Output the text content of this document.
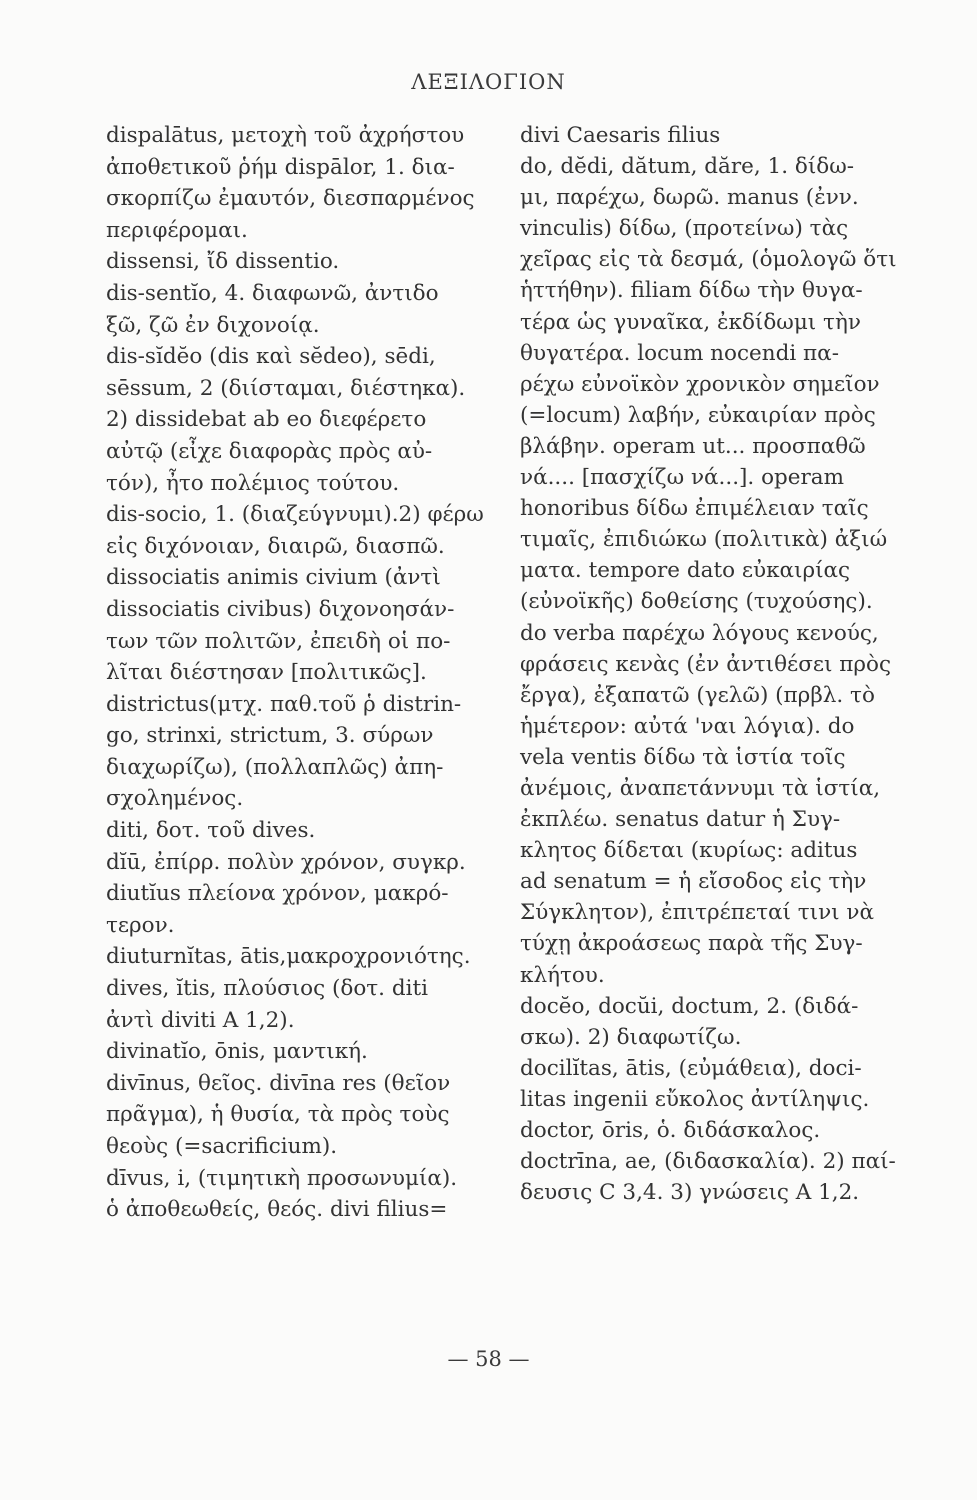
ΛΕΞΙΛΟΓΙΟΝ
dispalātus, μετοχὴ τοῦ ἀχρήστου
ἀποθετικοῦ ῥήμ dispālor, 1. δια-
σκορπίζω ἐμαυτόν, διεσπαρμένος
περιφέρομαι.
dissensi, ἴδ dissentio.
dis-sentĭo, 4. διαφωνῶ, ἀντιδο
ξῶ, ζῶ ἐν διχονοίᾳ.
dis-sĭdĕo (dis καὶ sĕdeo), sēdi,
sēssum, 2 (διίσταμαι, διέστηκα).
2) dissidebat ab eo διεφέρετο
αὐτῷ (εἶχε διαφορὰς πρὸς αὐ-
τόν), ἦτο πολέμιος τούτου.
dis-socio, 1. (διαζεύγνυμι).2) φέρω
εἰς διχόνοιαν, διαιρῶ, διασπῶ.
dissociatis animis civium (ἀντὶ
dissociatis civibus) διχονοησάν-
των τῶν πολιτῶν, ἐπειδὴ οἱ πο-
λῖται διέστησαν [πολιτικῶς].
districtus(μτχ. παθ.τοῦ ῥ distrin-
go, strinxi, strictum, 3. σύρων
διαχωρίζω), (πολλαπλῶς) ἀπη-
σχολημένος.
diti, δοτ. τοῦ dives.
dĭū, ἐπίρρ. πολὺν χρόνον, συγκρ.
diutĭus πλείονα χρόνον, μακρό-
τερον.
diuturnĭtas, ātis,μακροχρονιότης.
dives, ĭtis, πλούσιος (δοτ. diti
ἀντὶ diviti A 1,2).
divinatĭo, ōnis, μαντική.
divīnus, θεῖος. divīna res (θεῖον
πρᾶγμα), ἡ θυσία, τὰ πρὸς τοὺς
θεοὺς (=sacrificium).
dīvus, i, (τιμητικὴ προσωνυμία).
ὁ ἀποθεωθείς, θεός. divi filius=
divi Caesaris filius
do, dĕdi, dătum, dăre, 1. δίδω-
μι, παρέχω, δωρῶ. manus (ἐνν.
vinculis) δίδω, (προτείνω) τὰς
χεῖρας εἰς τὰ δεσμά, (ὁμολογῶ ὅτι
ἡττήθην). filiam δίδω τὴν θυγα-
τέρα ὡς γυναῖκα, ἐκδίδωμι τὴν
θυγατέρα. locum nocendi πα-
ρέχω εὐνοϊκὸν χρονικὸν σημεῖον
(=locum) λαβήν, εὐκαιρίαν πρὸς
βλάβην. operam ut... προσπαθῶ
νά.... [πασχίζω νά...]. operam
honoribus δίδω ἐπιμέλειαν ταῖς
τιμαῖς, ἐπιδιώκω (πολιτικὰ) ἀξιώ
ματα. tempore dato εὐκαιρίας
(εὐνοϊκῆς) δοθείσης (τυχούσης).
do verba παρέχω λόγους κενούς,
φράσεις κενὰς (ἐν ἀντιθέσει πρὸς
ἔργα), ἐξαπατῶ (γελῶ) (πρβλ. τὸ
ἡμέτερον: αὐτά 'ναι λόγια). do
vela ventis δίδω τὰ ἱστία τοῖς
ἀνέμοις, ἀναπετάννυμι τὰ ἱστία,
ἐκπλέω. senatus datur ἡ Συγ-
κλητος δίδεται (κυρίως: aditus
ad senatum = ἡ εἴσοδος εἰς τὴν
Σύγκλητον), ἐπιτρέπεταί τινι νὰ
τύχῃ ἀκροάσεως παρὰ τῆς Συγ-
κλήτου.
docĕo, docŭi, doctum, 2. (διδά-
σκω). 2) διαφωτίζω.
docilĭtas, ātis, (εὐμάθεια), doci-
litas ingenii εὔκολος ἀντίληψις.
doctor, ōris, ὁ. διδάσκαλος.
doctrīna, ae, (διδασκαλία). 2) παί-
δευσις C 3,4. 3) γνώσεις A 1,2.
— 58 —
